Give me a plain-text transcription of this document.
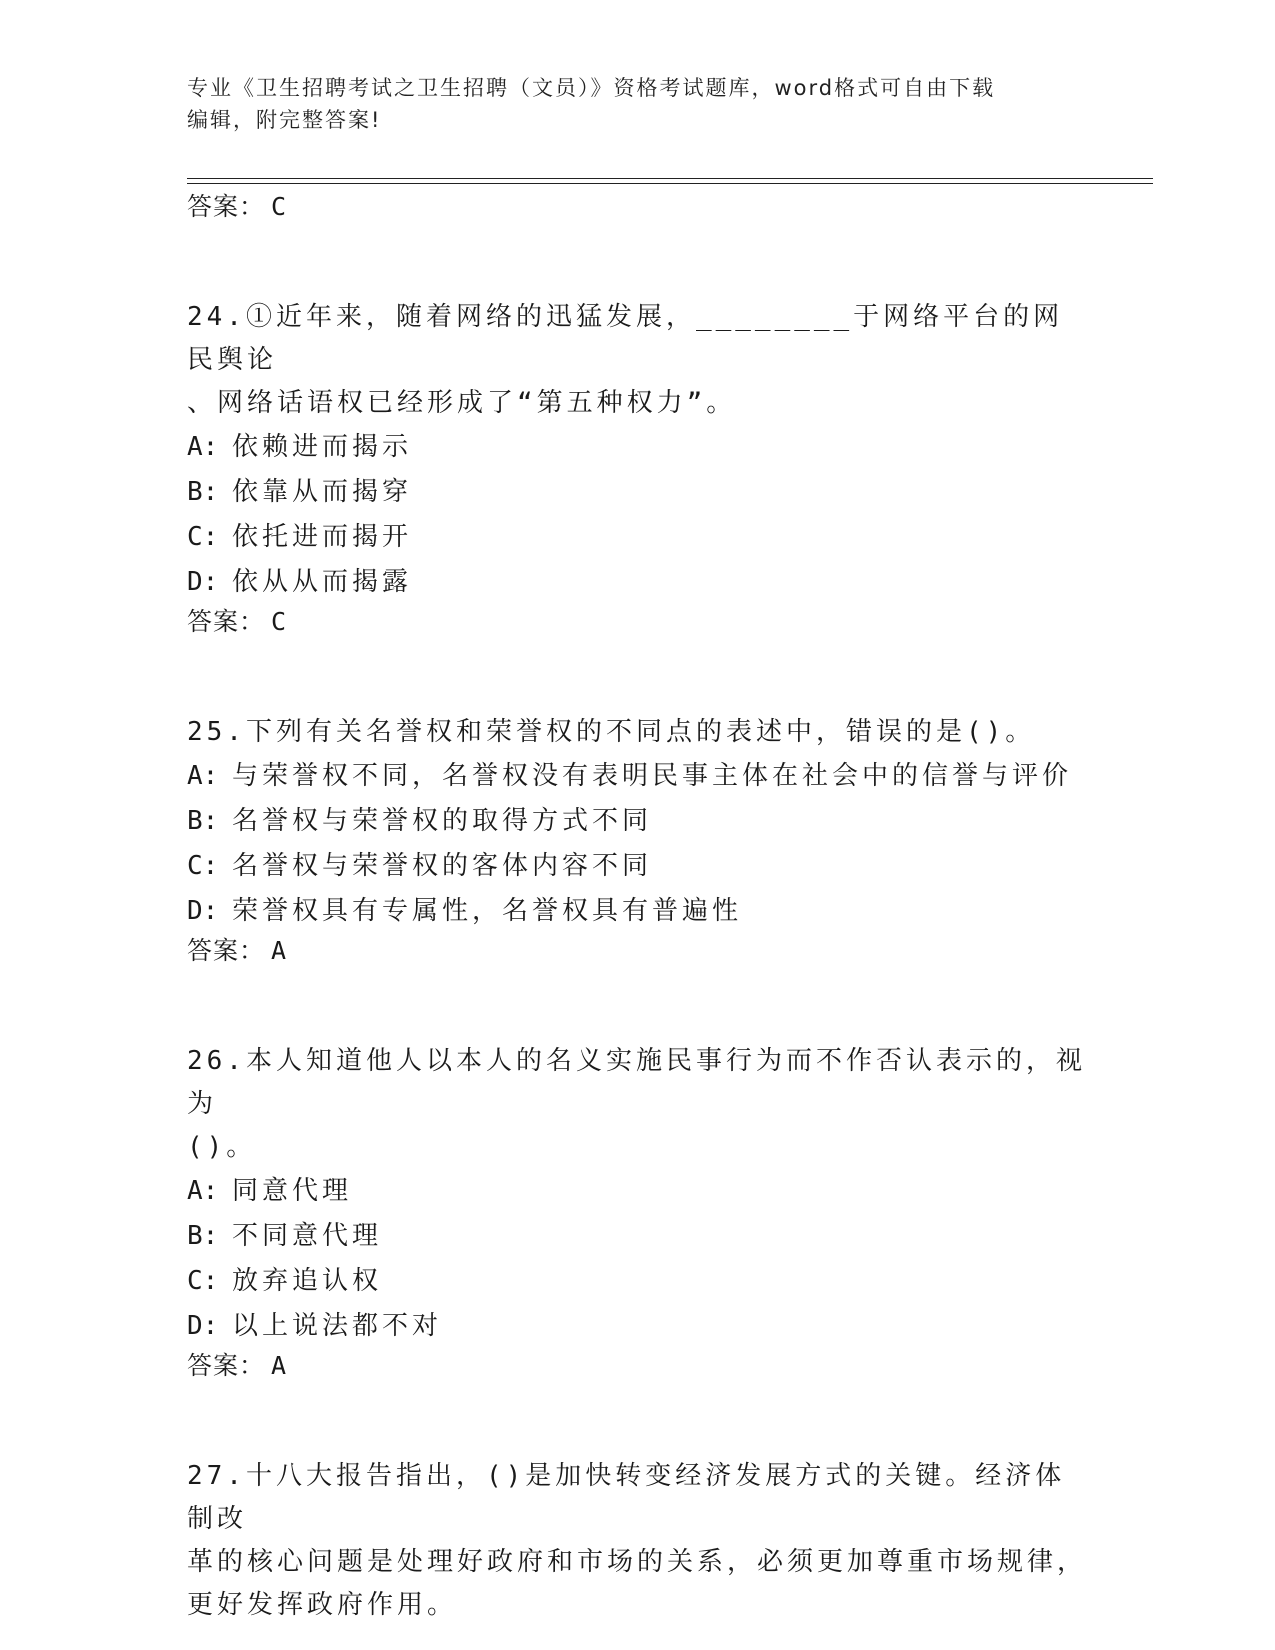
专业《卫生招聘考试之卫生招聘（文员）》资格考试题库，word格式可自由下载
编辑，附完整答案!
答案： C

24.①近年来，随着网络的迅猛发展，________于网络平台的网民舆论

、网络话语权已经形成了“第五种权力”。

A: 依赖进而揭示

B: 依靠从而揭穿

C: 依托进而揭开

D: 依从从而揭露

答案： C

25.下列有关名誉权和荣誉权的不同点的表述中，错误的是()。

A: 与荣誉权不同，名誉权没有表明民事主体在社会中的信誉与评价

B: 名誉权与荣誉权的取得方式不同

C: 名誉权与荣誉权的客体内容不同

D: 荣誉权具有专属性，名誉权具有普遍性

答案： A

26.本人知道他人以本人的名义实施民事行为而不作否认表示的，视为

()。

A: 同意代理

B: 不同意代理

C: 放弃追认权

D: 以上说法都不对

答案： A

27.十八大报告指出，()是加快转变经济发展方式的关键。经济体制改

革的核心问题是处理好政府和市场的关系，必须更加尊重市场规律，

更好发挥政府作用。
